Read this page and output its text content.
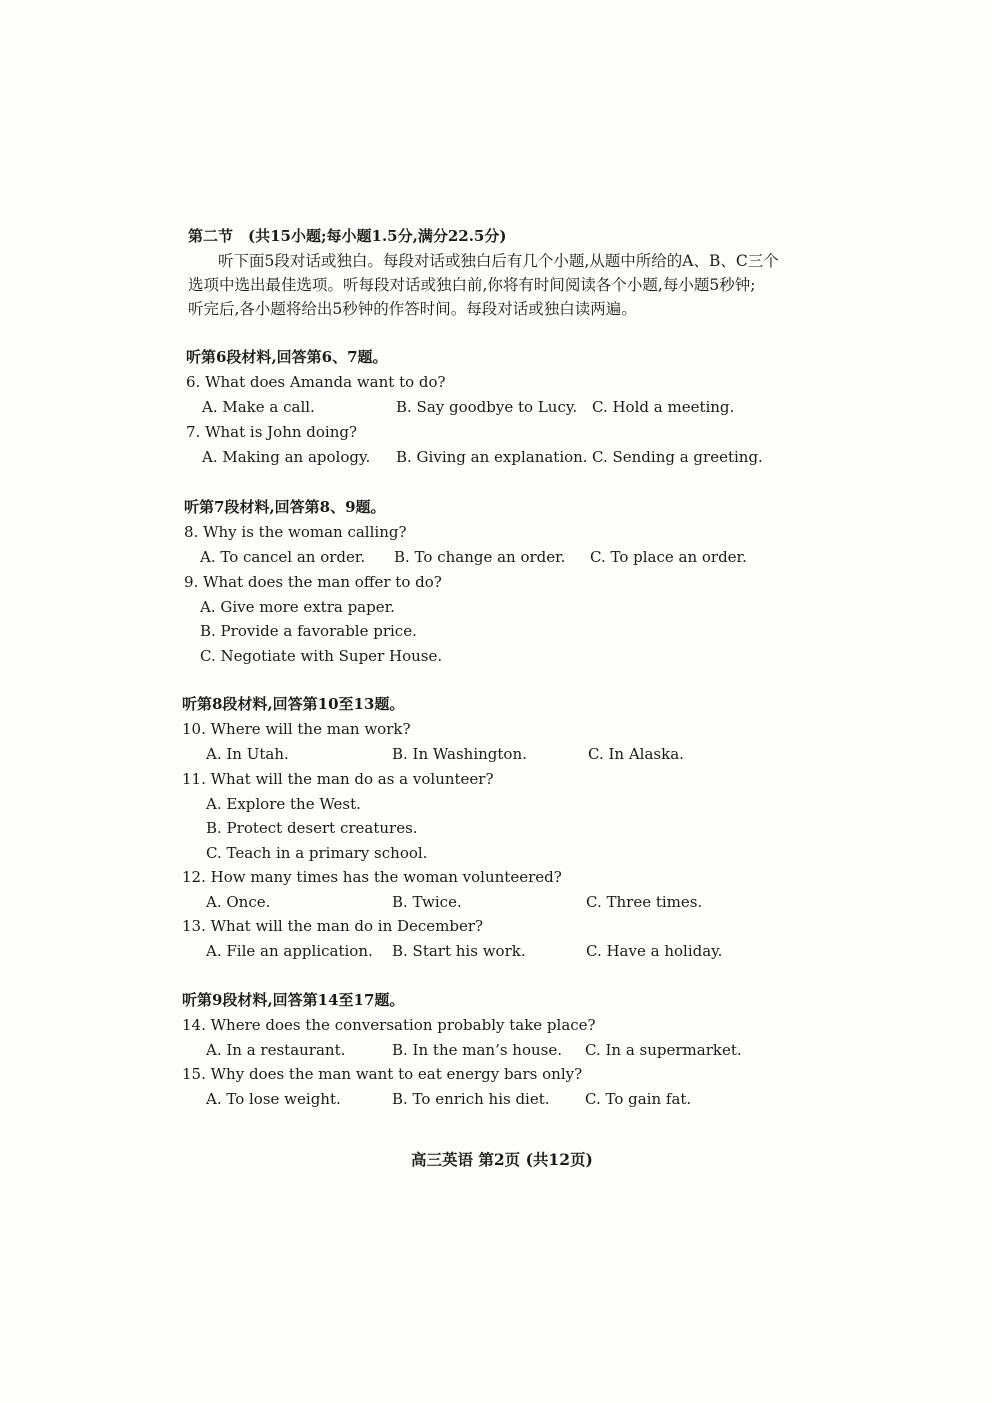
第二节　(共15小题;每小题1.5分,满分22.5分)
听下面5段对话或独白。每段对话或独白后有几个小题,从题中所给的A、B、C三个
选项中选出最佳选项。听每段对话或独白前,你将有时间阅读各个小题,每小题5秒钟;
听完后,各小题将给出5秒钟的作答时间。每段对话或独白读两遍。
听第6段材料,回答第6、7题。
6. What does Amanda want to do?
A. Make a call.	B. Say goodbye to Lucy. C. Hold a meeting.
7. What is John doing?
A. Making an apology. B. Giving an explanation. C. Sending a greeting.
听第7段材料,回答第8、9题。
8. Why is the woman calling?
A. To cancel an order. B. To change an order. C. To place an order.
9. What does the man offer to do?
A. Give more extra paper.
B. Provide a favorable price.
C. Negotiate with Super House.
听第8段材料,回答第10至13题。
10. Where will the man work?
A. In Utah.	B. In Washington.	C. In Alaska.
11. What will the man do as a volunteer?
A. Explore the West.
B. Protect desert creatures.
C. Teach in a primary school.
12. How many times has the woman volunteered?
A. Once.	B. Twice.	C. Three times.
13. What will the man do in December?
A. File an application. B. Start his work.	C. Have a holiday.
听第9段材料,回答第14至17题。
14. Where does the conversation probably take place?
A. In a restaurant.	B. In the man’s house. C. In a supermarket.
15. Why does the man want to eat energy bars only?
A. To lose weight.	B. To enrich his diet. C. To gain fat.
高三英语 第2页 (共12页)
